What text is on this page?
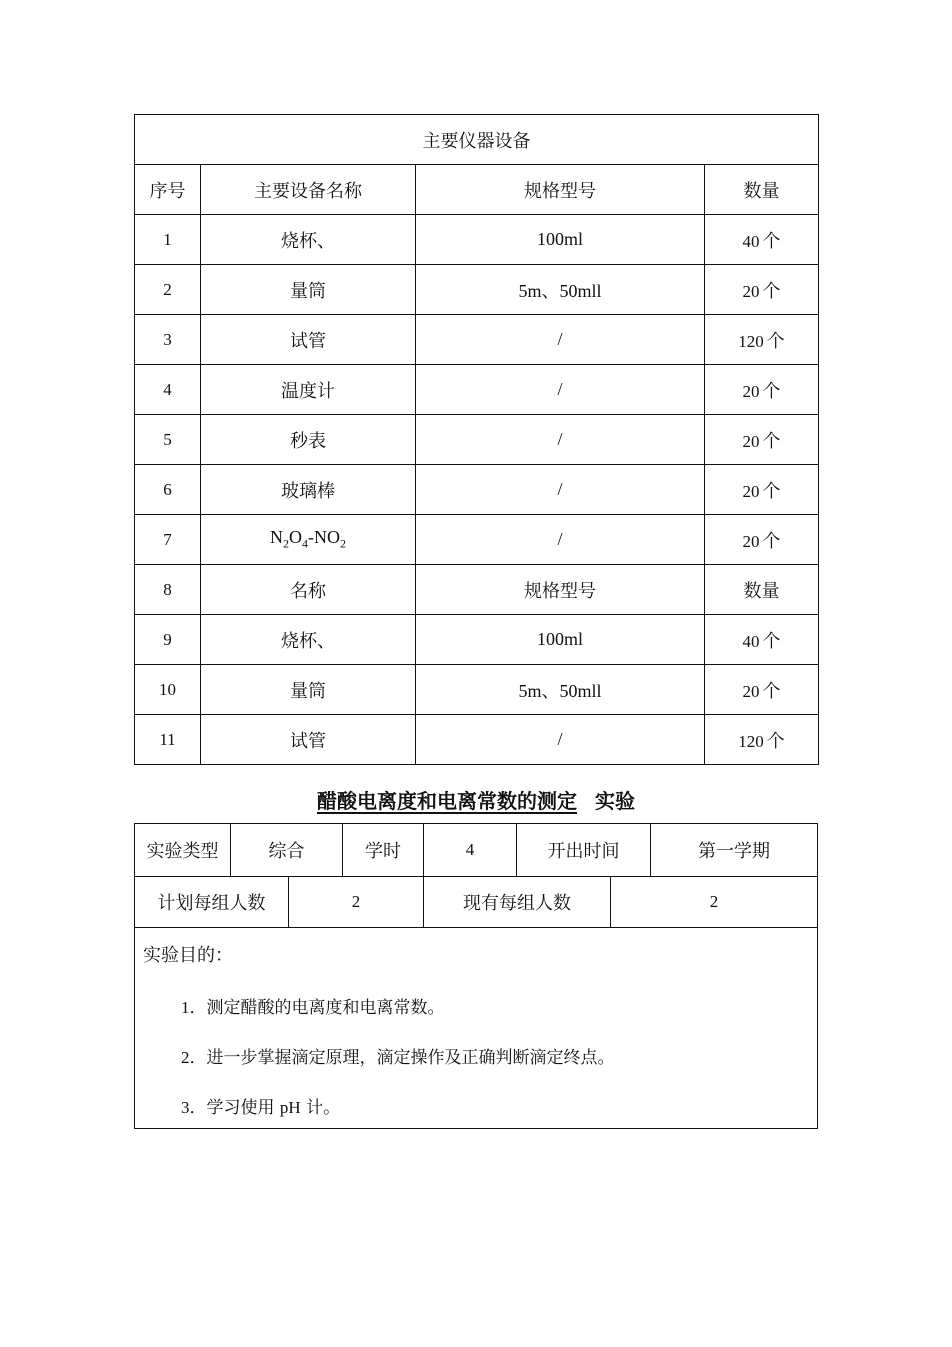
主要仪器设备			
序号	主要设备名称	规格型号	数量
1	烧杯、	100ml	40 个
2	量筒	5m、50mll	20 个
3	试管	/	120 个
4	温度计	/	20 个
5	秒表	/	20 个
6	玻璃棒	/	20 个
7	$N_2O_4-NO_2$	/	20 个
8	名称	规格型号	数量
9	烧杯、	100ml	40 个
10	量筒	5m、50mll	20 个
11	试管	/	120 个
醋酸电离度和电离常数的测定 实验
实验类型	综合	学时	4	开出时间	第一学期
计划每组人数	2	现有每组人数	2
实验目的：
1．测定醋酸的电离度和电离常数。
2．进一步掌握滴定原理，滴定操作及正确判断滴定终点。
3．学习使用 pH 计。
